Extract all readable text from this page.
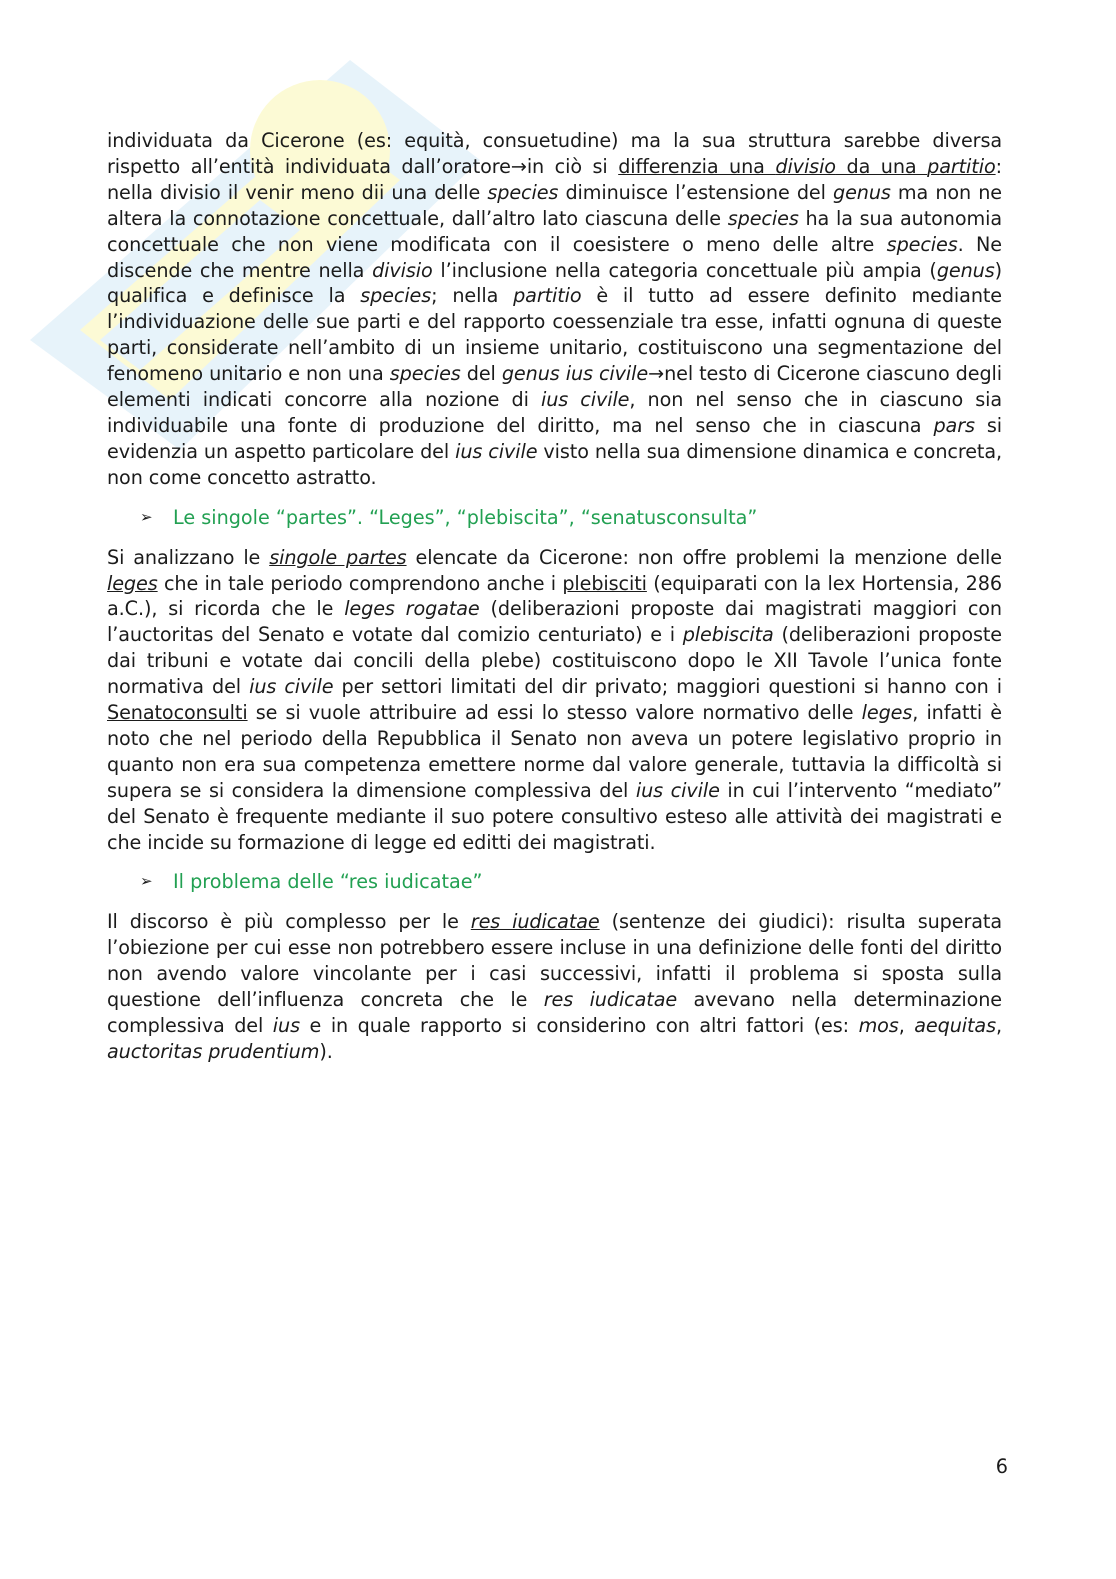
individuata da Cicerone (es: equità, consuetudine) ma la sua struttura sarebbe diversa rispetto all’entità individuata dall’oratore→in ciò si differenzia una divisio da una partitio: nella divisio il venir meno dii una delle species diminuisce l’estensione del genus ma non ne altera la connotazione concettuale, dall’altro lato ciascuna delle species ha la sua autonomia concettuale che non viene modificata con il coesistere o meno delle altre species. Ne discende che mentre nella divisio l’inclusione nella categoria concettuale più ampia (genus) qualifica e definisce la species; nella partitio è il tutto ad essere definito mediante l’individuazione delle sue parti e del rapporto coessenziale tra esse, infatti ognuna di queste parti, considerate nell’ambito di un insieme unitario, costituiscono una segmentazione del fenomeno unitario e non una species del genus ius civile→nel testo di Cicerone ciascuno degli elementi indicati concorre alla nozione di ius civile, non nel senso che in ciascuno sia individuabile una fonte di produzione del diritto, ma nel senso che in ciascuna pars si evidenzia un aspetto particolare del ius civile visto nella sua dimensione dinamica e concreta, non come concetto astratto.

➢ Le singole “partes”. “Leges”, “plebiscita”, “senatusconsulta”

Si analizzano le singole partes elencate da Cicerone: non offre problemi la menzione delle leges che in tale periodo comprendono anche i plebisciti (equiparati con la lex Hortensia, 286 a.C.), si ricorda che le leges rogatae (deliberazioni proposte dai magistrati maggiori con l’auctoritas del Senato e votate dal comizio centuriato) e i plebiscita (deliberazioni proposte dai tribuni e votate dai concili della plebe) costituiscono dopo le XII Tavole l’unica fonte normativa del ius civile per settori limitati del dir privato; maggiori questioni si hanno con i Senatoconsulti se si vuole attribuire ad essi lo stesso valore normativo delle leges, infatti è noto che nel periodo della Repubblica il Senato non aveva un potere legislativo proprio in quanto non era sua competenza emettere norme dal valore generale, tuttavia la difficoltà si supera se si considera la dimensione complessiva del ius civile in cui l’intervento “mediato” del Senato è frequente mediante il suo potere consultivo esteso alle attività dei magistrati e che incide su formazione di legge ed editti dei magistrati.

➢ Il problema delle “res iudicatae”

Il discorso è più complesso per le res iudicatae (sentenze dei giudici): risulta superata l’obiezione per cui esse non potrebbero essere incluse in una definizione delle fonti del diritto non avendo valore vincolante per i casi successivi, infatti il problema si sposta sulla questione dell’influenza concreta che le res iudicatae avevano nella determinazione complessiva del ius e in quale rapporto si considerino con altri fattori (es: mos, aequitas, auctoritas prudentium).

6
